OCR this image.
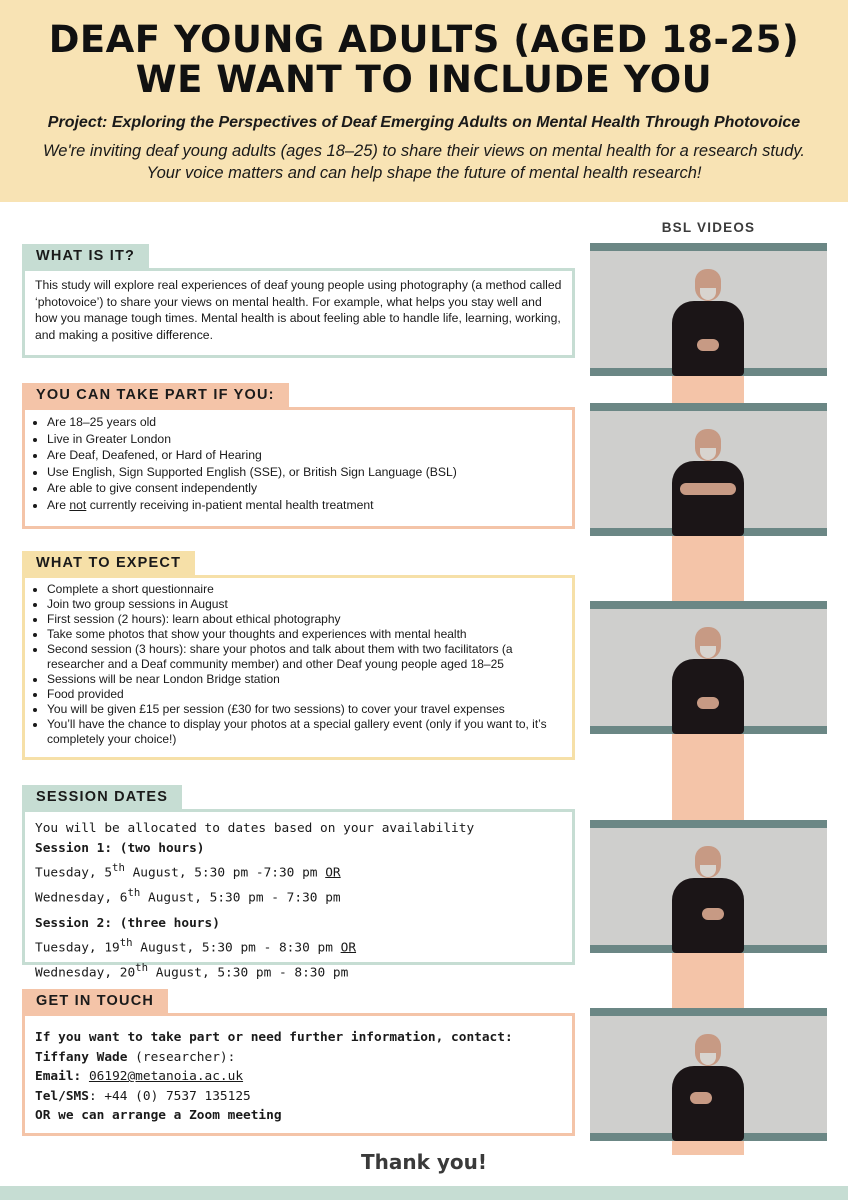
DEAF YOUNG ADULTS (AGED 18-25)
WE WANT TO INCLUDE YOU
Project: Exploring the Perspectives of Deaf Emerging Adults on Mental Health Through Photovoice
We're inviting deaf young adults (ages 18–25) to share their views on mental health for a research study.
Your voice matters and can help shape the future of mental health research!
WHAT IS IT?

This study will explore real experiences of deaf young people using photography (a method called ‘photovoice’) to share your views on mental health. For example, what helps you stay well and how you manage tough times. Mental health is about feeling able to handle life, learning, working, and making a positive difference.

YOU CAN TAKE PART IF YOU:
• Are 18–25 years old
• Live in Greater London
• Are Deaf, Deafened, or Hard of Hearing
• Use English, Sign Supported English (SSE), or British Sign Language (BSL)
• Are able to give consent independently
• Are not currently receiving in-patient mental health treatment
WHAT TO EXPECT
• Complete a short questionnaire
• Join two group sessions in August
• First session (2 hours): learn about ethical photography
• Take some photos that show your thoughts and experiences with mental health
• Second session (3 hours): share your photos and talk about them with two facilitators (a researcher and a Deaf community member) and other Deaf young people aged 18–25
• Sessions will be near London Bridge station
• Food provided
• You will be given £15 per session (£30 for two sessions) to cover your travel expenses
• You’ll have the chance to display your photos at a special gallery event (only if you want to, it’s completely your choice!)
SESSION DATES
You will be allocated to dates based on your availability
Session 1: (two hours)
Tuesday, 5th August, 5:30 pm -7:30 pm OR
Wednesday, 6th August, 5:30 pm - 7:30 pm
Session 2: (three hours)
Tuesday, 19th August, 5:30 pm - 8:30 pm OR
Wednesday, 20th August, 5:30 pm - 8:30 pm
GET IN TOUCH
If you want to take part or need further information, contact:
Tiffany Wade (researcher):
Email: 06192@metanoia.ac.uk
Tel/SMS: +44 (0) 7537 135125
OR we can arrange a Zoom meeting
BSL VIDEOS
Thank you!
